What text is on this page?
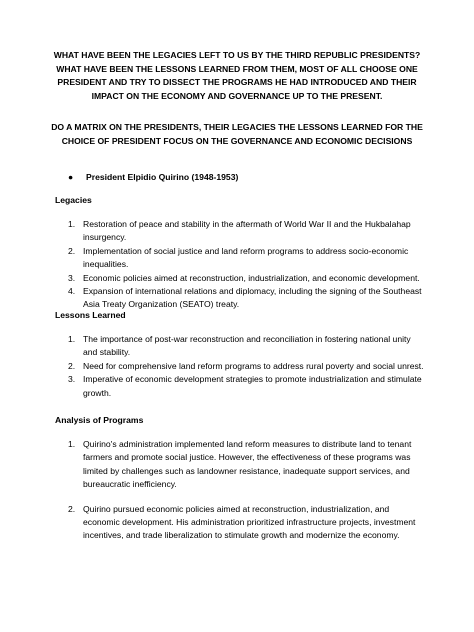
WHAT HAVE BEEN THE LEGACIES LEFT TO US BY THE THIRD REPUBLIC PRESIDENTS? WHAT HAVE BEEN THE LESSONS LEARNED FROM THEM, MOST OF ALL CHOOSE ONE PRESIDENT AND TRY TO DISSECT THE PROGRAMS HE HAD INTRODUCED AND THEIR IMPACT ON THE ECONOMY AND GOVERNANCE UP TO THE PRESENT.

DO A MATRIX ON THE PRESIDENTS, THEIR LEGACIES THE LESSONS LEARNED FOR THE CHOICE OF PRESIDENT FOCUS ON THE GOVERNANCE AND ECONOMIC DECISIONS

● President Elpidio Quirino (1948-1953)

Legacies

1. Restoration of peace and stability in the aftermath of World War II and the Hukbalahap insurgency.
2. Implementation of social justice and land reform programs to address socio-economic inequalities.
3. Economic policies aimed at reconstruction, industrialization, and economic development.
4. Expansion of international relations and diplomacy, including the signing of the Southeast Asia Treaty Organization (SEATO) treaty.

Lessons Learned

1. The importance of post-war reconstruction and reconciliation in fostering national unity and stability.
2. Need for comprehensive land reform programs to address rural poverty and social unrest.
3. Imperative of economic development strategies to promote industrialization and stimulate growth.

Analysis of Programs

1. Quirino's administration implemented land reform measures to distribute land to tenant farmers and promote social justice. However, the effectiveness of these programs was limited by challenges such as landowner resistance, inadequate support services, and bureaucratic inefficiency.
2. Quirino pursued economic policies aimed at reconstruction, industrialization, and economic development. His administration prioritized infrastructure projects, investment incentives, and trade liberalization to stimulate growth and modernize the economy.
